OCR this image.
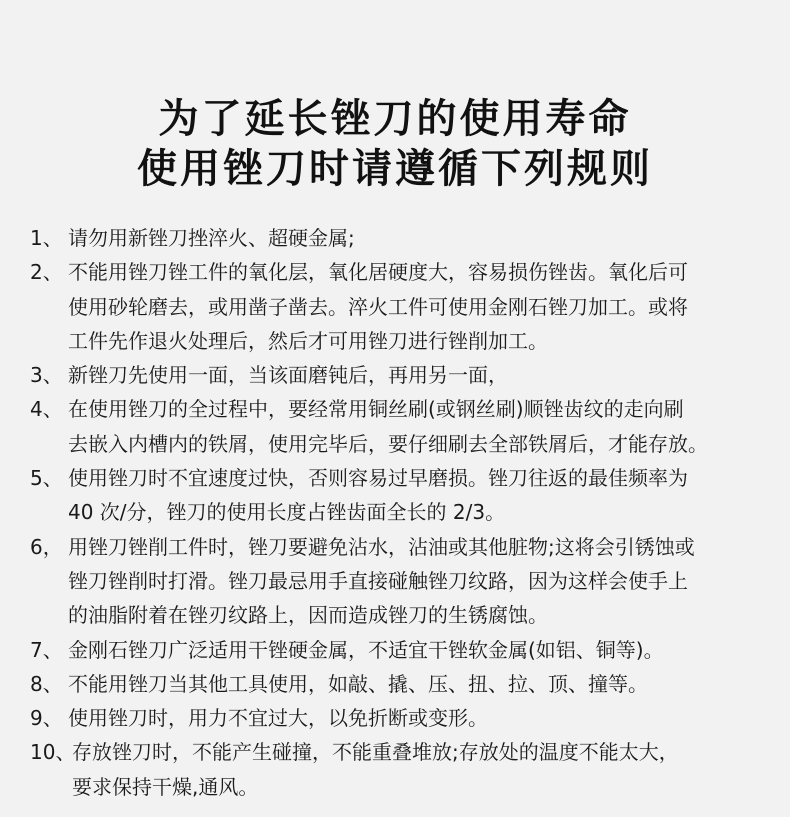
为了延长锉刀的使用寿命
使用锉刀时请遵循下列规则
1、 请勿用新锉刀挫淬火、超硬金属;
2、 不能用锉刀锉工件的氧化层，氧化居硬度大，容易损伤锉齿。氧化后可
使用砂轮磨去，或用凿子凿去。淬火工件可使用金刚石锉刀加工。或将
工件先作退火处理后，然后才可用锉刀进行锉削加工。
3、 新锉刀先使用一面，当该面磨钝后，再用另一面，
4、 在使用锉刀的全过程中，要经常用铜丝刷(或钢丝刷)顺锉齿纹的走向刷
去嵌入内槽内的铁屑，使用完毕后，要仔细刷去全部铁屑后，才能存放。
5、 使用锉刀时不宜速度过快，否则容易过早磨损。锉刀往返的最佳频率为
40 次/分，锉刀的使用长度占锉齿面全长的 2/3。
6， 用锉刀锉削工件时，锉刀要避免沾水，沾油或其他脏物;这将会引锈蚀或
锉刀锉削时打滑。锉刀最忌用手直接碰触锉刀纹路，因为这样会使手上
的油脂附着在锉刃纹路上，因而造成锉刀的生锈腐蚀。
7、 金刚石锉刀广泛适用干锉硬金属，不适宜干锉软金属(如铝、铜等)。
8、 不能用锉刀当其他工具使用，如敲、撬、压、扭、拉、顶、撞等。
9、 使用锉刀时，用力不宜过大，以免折断或变形。
10、
存放锉刀时，不能产生碰撞，不能重叠堆放;存放处的温度不能太大，
要求保持干燥,通风。
